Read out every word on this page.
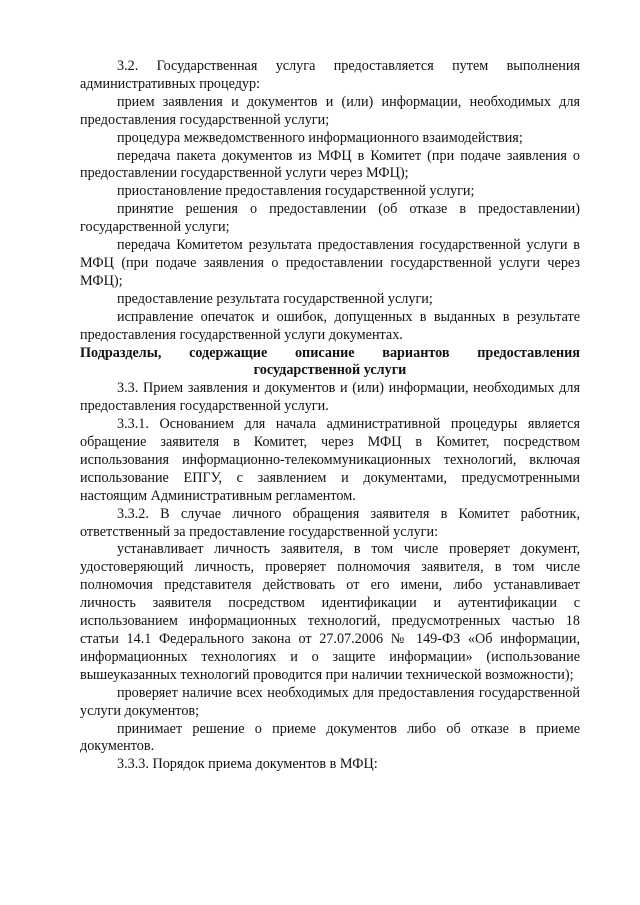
3.2. Государственная услуга предоставляется путем выполнения административных процедур:

прием заявления и документов и (или) информации, необходимых для предоставления государственной услуги;

процедура межведомственного информационного взаимодействия;

передача пакета документов из МФЦ в Комитет (при подаче заявления о предоставлении государственной услуги через МФЦ);

приостановление предоставления государственной услуги;

принятие решения о предоставлении (об отказе в предоставлении) государственной услуги;

передача Комитетом результата предоставления государственной услуги в МФЦ (при подаче заявления о предоставлении государственной услуги через МФЦ);

предоставление результата государственной услуги;

исправление опечаток и ошибок, допущенных в выданных в результате предоставления государственной услуги документах.

Подразделы, содержащие описание вариантов предоставления государственной услуги

3.3. Прием заявления и документов и (или) информации, необходимых для предоставления государственной услуги.

3.3.1. Основанием для начала административной процедуры является обращение заявителя в Комитет, через МФЦ в Комитет, посредством использования информационно-телекоммуникационных технологий, включая использование ЕПГУ, с заявлением и документами, предусмотренными настоящим Административным регламентом.

3.3.2. В случае личного обращения заявителя в Комитет работник, ответственный за предоставление государственной услуги:

устанавливает личность заявителя, в том числе проверяет документ, удостоверяющий личность, проверяет полномочия заявителя, в том числе полномочия представителя действовать от его имени, либо устанавливает личность заявителя посредством идентификации и аутентификации с использованием информационных технологий, предусмотренных частью 18 статьи 14.1 Федерального закона от 27.07.2006 № 149-ФЗ «Об информации, информационных технологиях и о защите информации» (использование вышеуказанных технологий проводится при наличии технической возможности);

проверяет наличие всех необходимых для предоставления государственной услуги документов;

принимает решение о приеме документов либо об отказе в приеме документов.

3.3.3. Порядок приема документов в МФЦ:
